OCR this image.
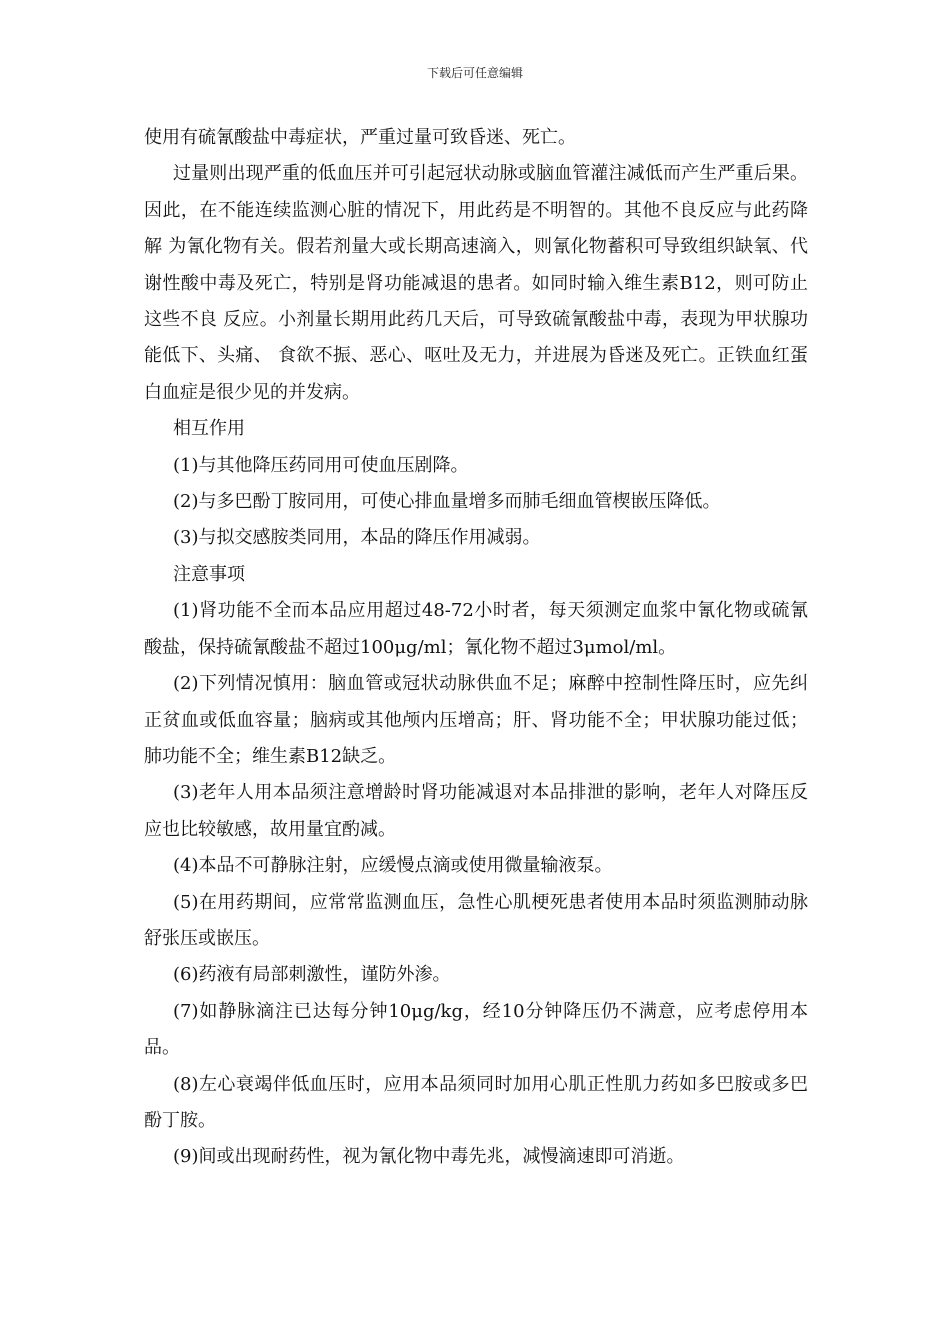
下载后可任意编辑

使用有硫氰酸盐中毒症状，严重过量可致昏迷、死亡。

过量则出现严重的低血压并可引起冠状动脉或脑血管灌注减低而产生严重后果。 因此，在不能连续监测心脏的情况下，用此药是不明智的。其他不良反应与此药降解 为氰化物有关。假若剂量大或长期高速滴入，则氰化物蓄积可导致组织缺氧、代谢性酸中毒及死亡，特别是肾功能减退的患者。如同时输入维生素B12，则可防止这些不良 反应。小剂量长期用此药几天后，可导致硫氰酸盐中毒，表现为甲状腺功能低下、头痛、 食欲不振、恶心、呕吐及无力，并进展为昏迷及死亡。正铁血红蛋白血症是很少见的并发病。

相互作用

(1)与其他降压药同用可使血压剧降。

(2)与多巴酚丁胺同用，可使心排血量增多而肺毛细血管楔嵌压降低。

(3)与拟交感胺类同用，本品的降压作用减弱。

注意事项

(1)肾功能不全而本品应用超过48-72小时者，每天须测定血浆中氰化物或硫氰酸盐，保持硫氰酸盐不超过100μg/ml；氰化物不超过3μmol/ml。

(2)下列情况慎用：脑血管或冠状动脉供血不足；麻醉中控制性降压时，应先纠正贫血或低血容量；脑病或其他颅内压增高；肝、肾功能不全；甲状腺功能过低；肺功能不全；维生素B12缺乏。

(3)老年人用本品须注意增龄时肾功能减退对本品排泄的影响，老年人对降压反应也比较敏感，故用量宜酌减。

(4)本品不可静脉注射，应缓慢点滴或使用微量输液泵。

(5)在用药期间，应常常监测血压，急性心肌梗死患者使用本品时须监测肺动脉舒张压或嵌压。

(6)药液有局部刺激性，谨防外渗。

(7)如静脉滴注已达每分钟10μg/kg，经10分钟降压仍不满意，应考虑停用本品。

(8)左心衰竭伴低血压时，应用本品须同时加用心肌正性肌力药如多巴胺或多巴酚丁胺。

(9)间或出现耐药性，视为氰化物中毒先兆，减慢滴速即可消逝。
